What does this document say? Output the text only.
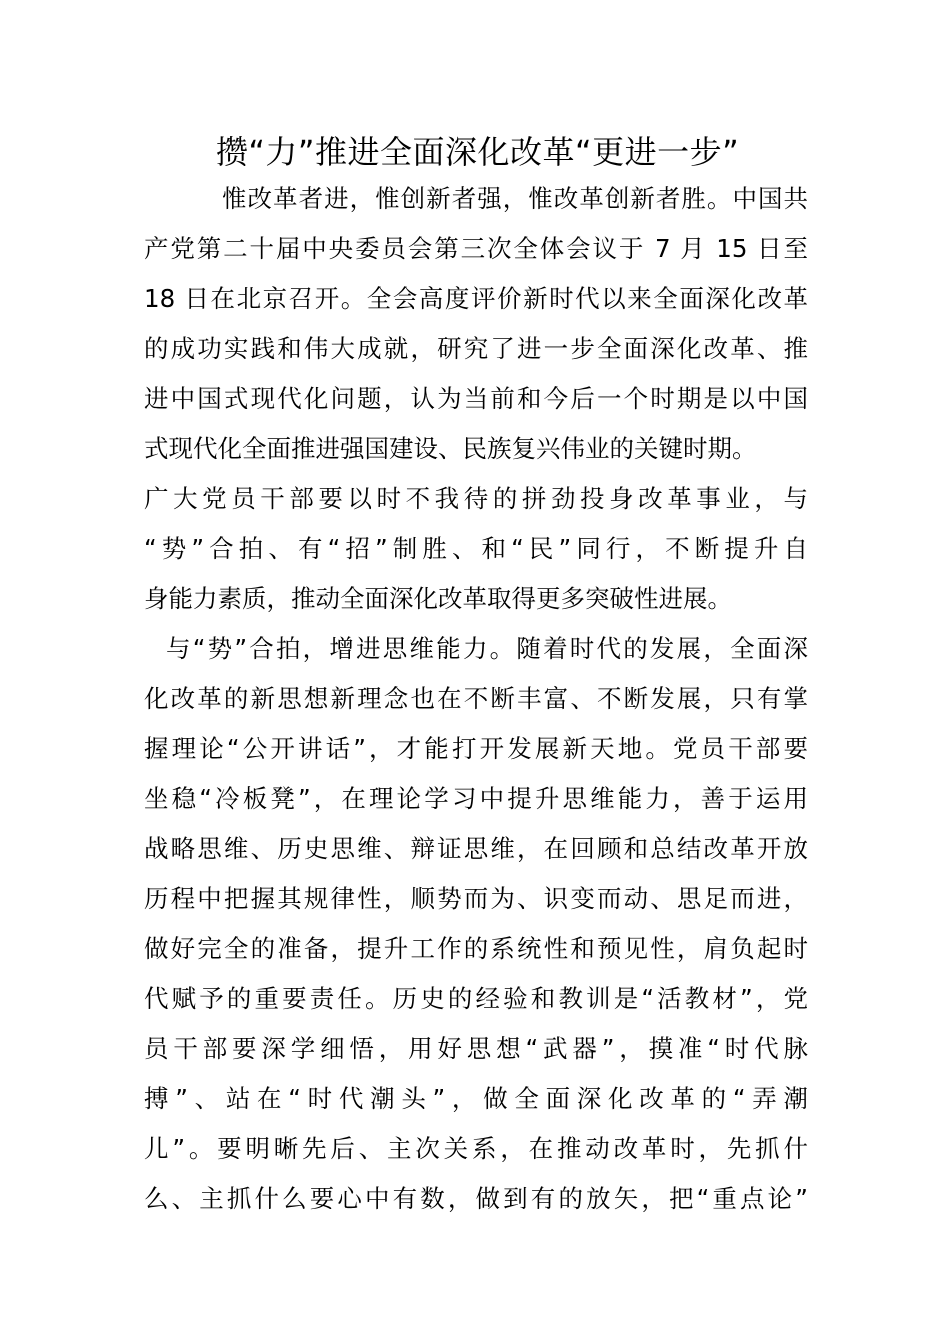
攒“力”推进全面深化改革“更进一步”

惟改革者进，惟创新者强，惟改革创新者胜。中国共

产党第二十届中央委员会第三次全体会议于 7 月 15 日至

18 日在北京召开。全会高度评价新时代以来全面深化改革

的成功实践和伟大成就，研究了进一步全面深化改革、推

进中国式现代化问题，认为当前和今后一个时期是以中国

式现代化全面推进强国建设、民族复兴伟业的关键时期。

广大党员干部要以时不我待的拼劲投身改革事业，与

“势”合拍、有“招”制胜、和“民”同行，不断提升自

身能力素质，推动全面深化改革取得更多突破性进展。

与“势”合拍，增进思维能力。随着时代的发展，全面深

化改革的新思想新理念也在不断丰富、不断发展，只有掌

握理论“公开讲话”，才能打开发展新天地。党员干部要

坐稳“冷板凳”，在理论学习中提升思维能力，善于运用

战略思维、历史思维、辩证思维，在回顾和总结改革开放

历程中把握其规律性，顺势而为、识变而动、思足而进，

做好完全的准备，提升工作的系统性和预见性，肩负起时

代赋予的重要责任。历史的经验和教训是“活教材”，党

员干部要深学细悟，用好思想“武器”，摸准“时代脉

搏”、站在“时代潮头”，做全面深化改革的“弄潮

儿”。要明晰先后、主次关系，在推动改革时，先抓什

么、主抓什么要心中有数，做到有的放矢，把“重点论”
